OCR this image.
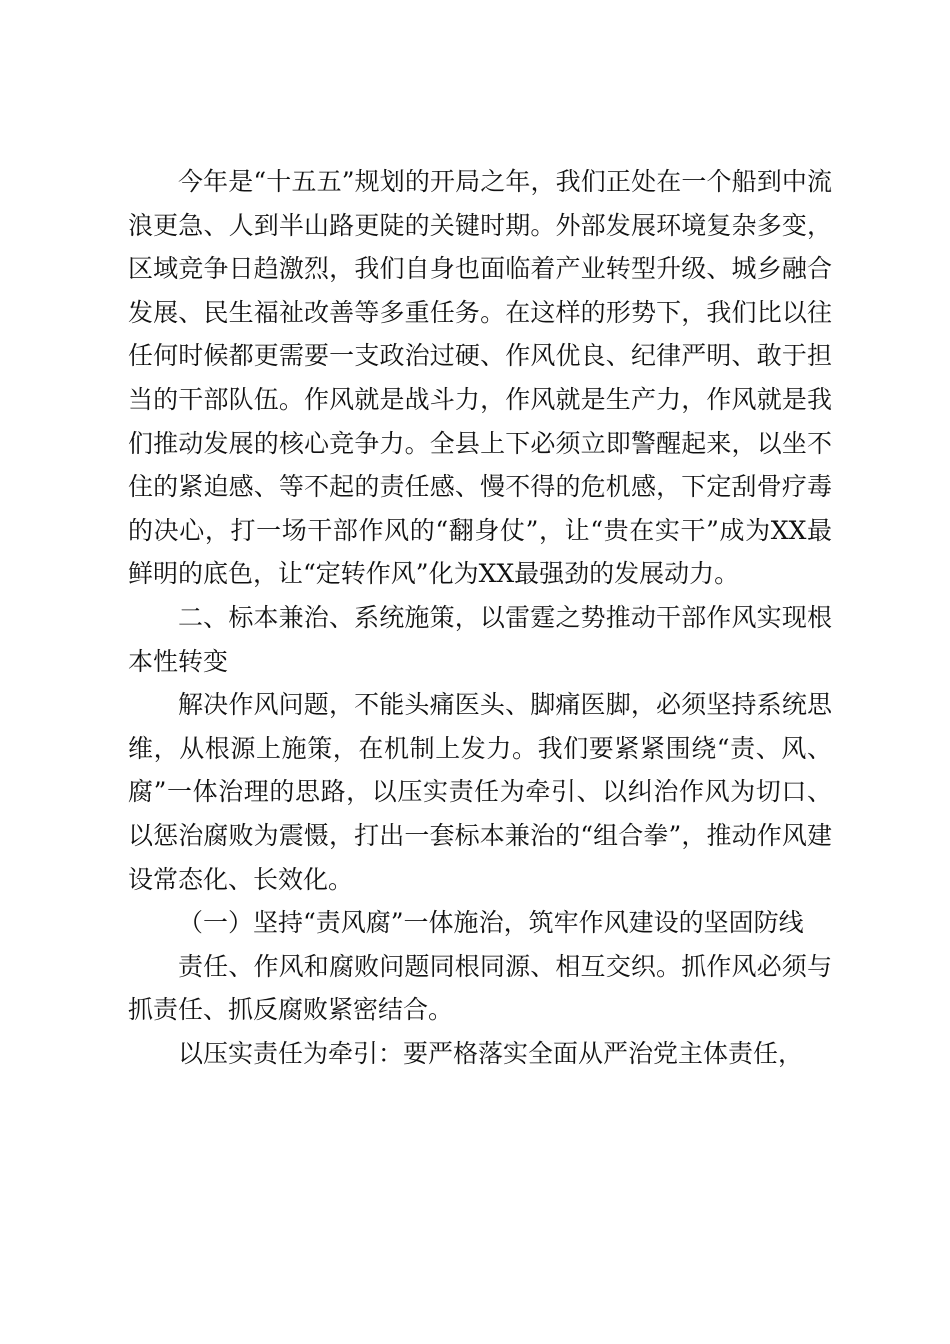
今年是“十五五”规划的开局之年，我们正处在一个船到中流浪更急、人到半山路更陡的关键时期。外部发展环境复杂多变，区域竞争日趋激烈，我们自身也面临着产业转型升级、城乡融合发展、民生福祉改善等多重任务。在这样的形势下，我们比以往任何时候都更需要一支政治过硬、作风优良、纪律严明、敢于担当的干部队伍。作风就是战斗力，作风就是生产力，作风就是我们推动发展的核心竞争力。全县上下必须立即警醒起来，以坐不住的紧迫感、等不起的责任感、慢不得的危机感，下定刮骨疗毒的决心，打一场干部作风的“翻身仗”，让“贵在实干”成为XX最鲜明的底色，让“定转作风”化为XX最强劲的发展动力。

二、标本兼治、系统施策，以雷霆之势推动干部作风实现根本性转变

解决作风问题，不能头痛医头、脚痛医脚，必须坚持系统思维，从根源上施策，在机制上发力。我们要紧紧围绕“责、风、腐”一体治理的思路，以压实责任为牵引、以纠治作风为切口、以惩治腐败为震慑，打出一套标本兼治的“组合拳”，推动作风建设常态化、长效化。

（一）坚持“责风腐”一体施治，筑牢作风建设的坚固防线

责任、作风和腐败问题同根同源、相互交织。抓作风必须与抓责任、抓反腐败紧密结合。

以压实责任为牵引：要严格落实全面从严治党主体责任，
